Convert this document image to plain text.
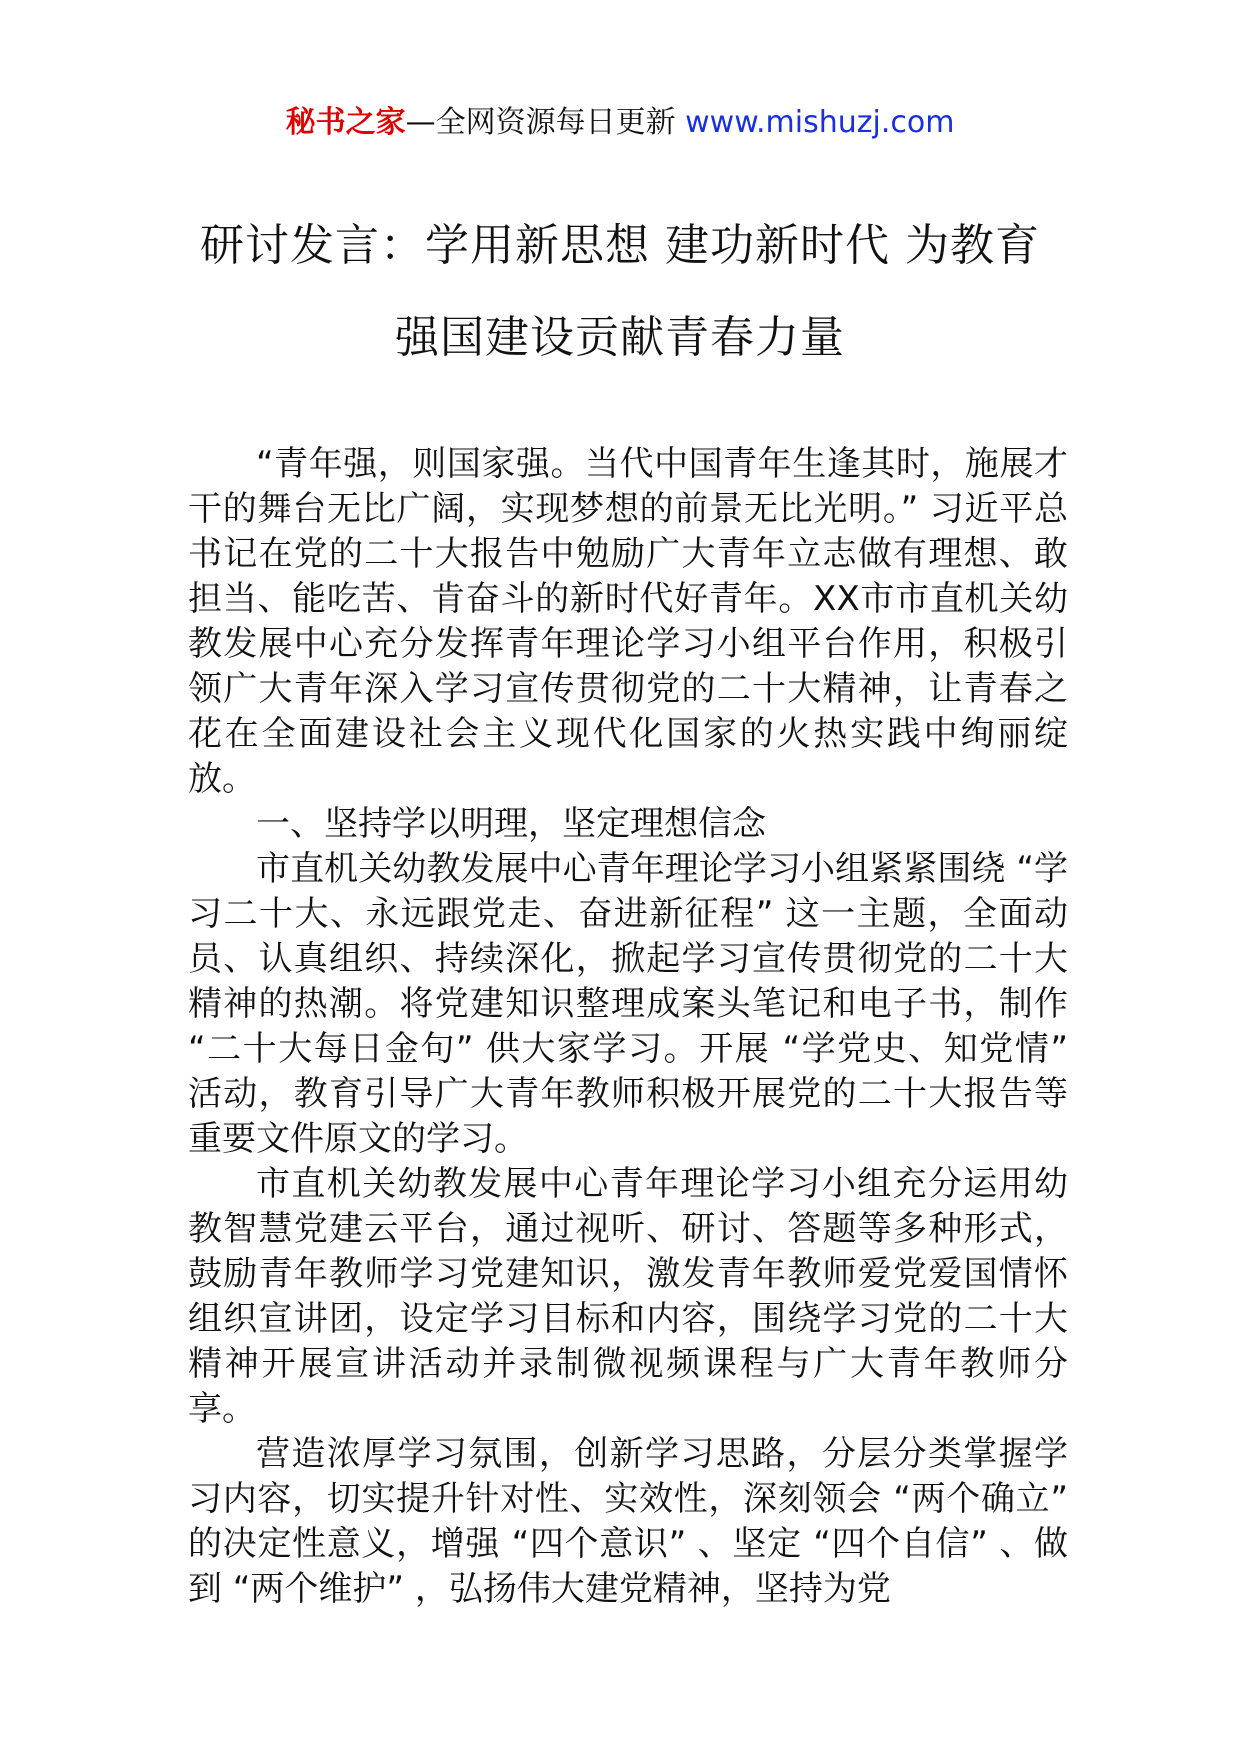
秘书之家—全网资源每日更新 www.mishuzj.com
研讨发言：学用新思想 建功新时代 为教育
强国建设贡献青春力量

“青年强，则国家强。当代中国青年生逢其时，施展才干的舞台无比广阔，实现梦想的前景无比光明。” 习近平总书记在党的二十大报告中勉励广大青年立志做有理想、敢担当、能吃苦、肯奋斗的新时代好青年。XX市市直机关幼教发展中心充分发挥青年理论学习小组平台作用，积极引领广大青年深入学习宣传贯彻党的二十大精神，让青春之花在全面建设社会主义现代化国家的火热实践中绚丽绽放。

一、坚持学以明理，坚定理想信念

市直机关幼教发展中心青年理论学习小组紧紧围绕 “学习二十大、永远跟党走、奋进新征程” 这一主题，全面动员、认真组织、持续深化，掀起学习宣传贯彻党的二十大精神的热潮。将党建知识整理成案头笔记和电子书，制作 “二十大每日金句” 供大家学习。开展 “学党史、知党情” 活动，教育引导广大青年教师积极开展党的二十大报告等重要文件原文的学习。

市直机关幼教发展中心青年理论学习小组充分运用幼教智慧党建云平台，通过视听、研讨、答题等多种形式，鼓励青年教师学习党建知识，激发青年教师爱党爱国情怀组织宣讲团，设定学习目标和内容，围绕学习党的二十大精神开展宣讲活动并录制微视频课程与广大青年教师分享。

营造浓厚学习氛围，创新学习思路，分层分类掌握学习内容，切实提升针对性、实效性，深刻领会 “两个确立” 的决定性意义，增强 “四个意识” 、坚定 “四个自信” 、做到 “两个维护” ，弘扬伟大建党精神，坚持为党
